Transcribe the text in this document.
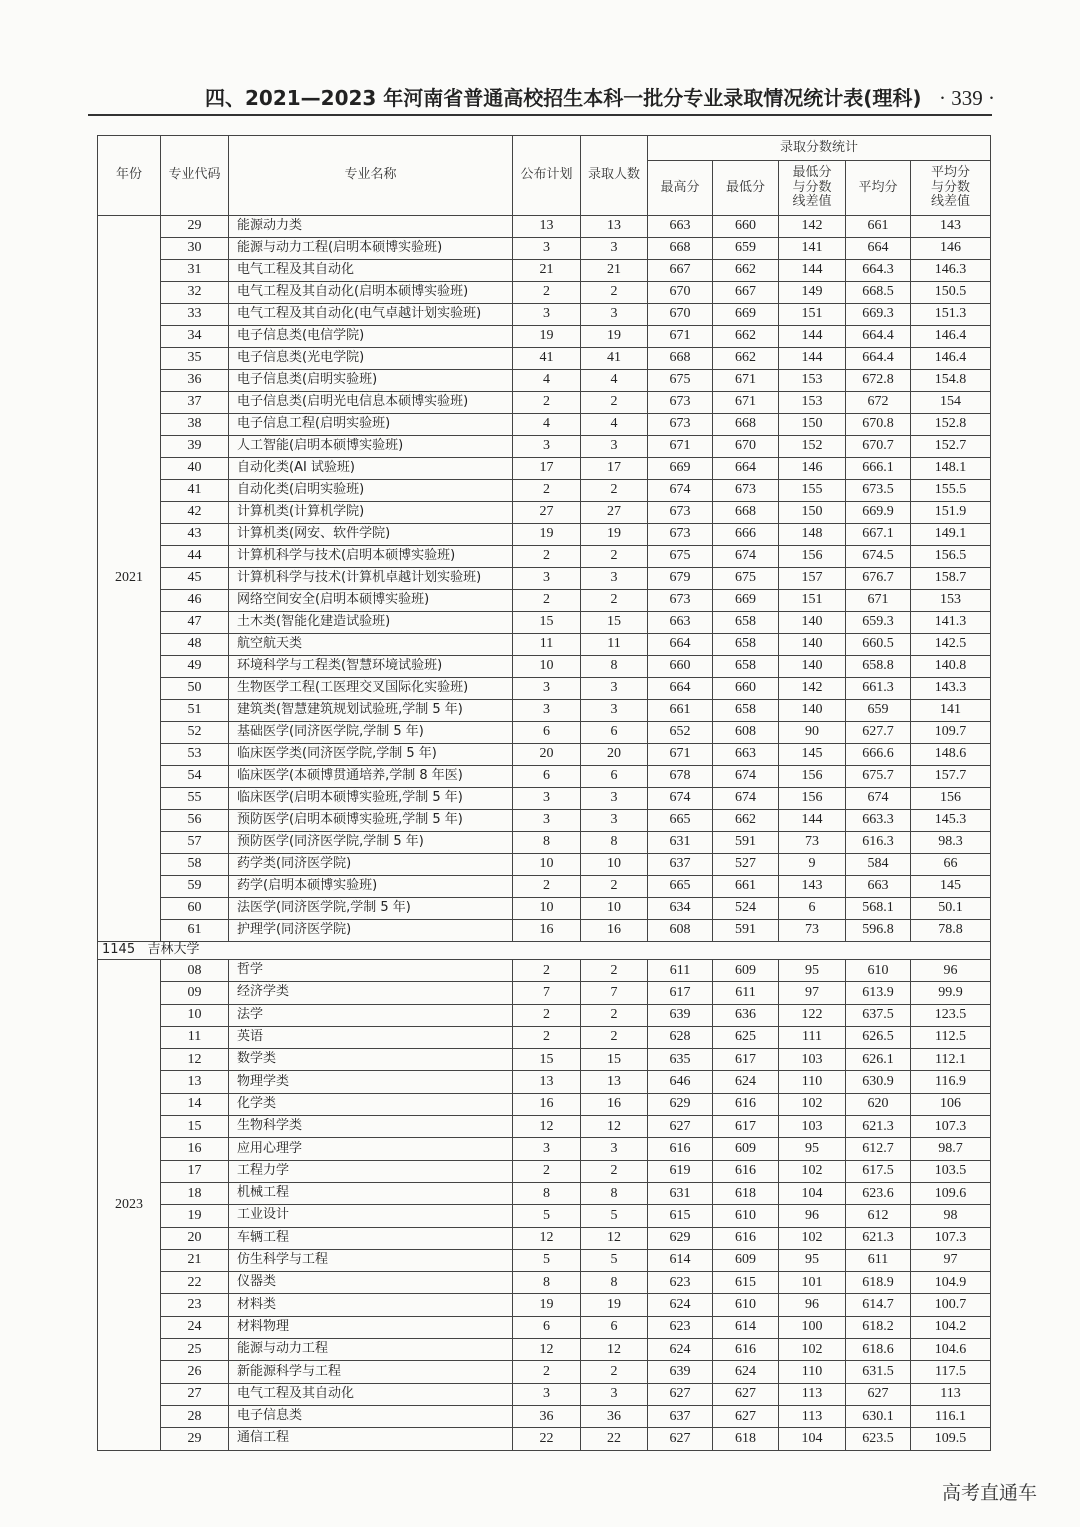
四、2021—2023 年河南省普通高校招生本科一批分专业录取情况统计表(理科) · 339 ·
年份	专业代码	专业名称	公布计划	录取人数	录取分数统计				
					最高分	最低分	最低分与分数线差值	平均分	平均分与分数线差值
2021	29	能源动力类	13	13	663	660	142	661	143
	30	能源与动力工程(启明本硕博实验班)	3	3	668	659	141	664	146
	31	电气工程及其自动化	21	21	667	662	144	664.3	146.3
	32	电气工程及其自动化(启明本硕博实验班)	2	2	670	667	149	668.5	150.5
	33	电气工程及其自动化(电气卓越计划实验班)	3	3	670	669	151	669.3	151.3
	34	电子信息类(电信学院)	19	19	671	662	144	664.4	146.4
	35	电子信息类(光电学院)	41	41	668	662	144	664.4	146.4
	36	电子信息类(启明实验班)	4	4	675	671	153	672.8	154.8
	37	电子信息类(启明光电信息本硕博实验班)	2	2	673	671	153	672	154
	38	电子信息工程(启明实验班)	4	4	673	668	150	670.8	152.8
	39	人工智能(启明本硕博实验班)	3	3	671	670	152	670.7	152.7
	40	自动化类(AI 试验班)	17	17	669	664	146	666.1	148.1
	41	自动化类(启明实验班)	2	2	674	673	155	673.5	155.5
	42	计算机类(计算机学院)	27	27	673	668	150	669.9	151.9
	43	计算机类(网安、软件学院)	19	19	673	666	148	667.1	149.1
	44	计算机科学与技术(启明本硕博实验班)	2	2	675	674	156	674.5	156.5
	45	计算机科学与技术(计算机卓越计划实验班)	3	3	679	675	157	676.7	158.7
	46	网络空间安全(启明本硕博实验班)	2	2	673	669	151	671	153
	47	土木类(智能化建造试验班)	15	15	663	658	140	659.3	141.3
	48	航空航天类	11	11	664	658	140	660.5	142.5
	49	环境科学与工程类(智慧环境试验班)	10	8	660	658	140	658.8	140.8
	50	生物医学工程(工医理交叉国际化实验班)	3	3	664	660	142	661.3	143.3
	51	建筑类(智慧建筑规划试验班,学制 5 年)	3	3	661	658	140	659	141
	52	基础医学(同济医学院,学制 5 年)	6	6	652	608	90	627.7	109.7
	53	临床医学类(同济医学院,学制 5 年)	20	20	671	663	145	666.6	148.6
	54	临床医学(本硕博贯通培养,学制 8 年医)	6	6	678	674	156	675.7	157.7
	55	临床医学(启明本硕博实验班,学制 5 年)	3	3	674	674	156	674	156
	56	预防医学(启明本硕博实验班,学制 5 年)	3	3	665	662	144	663.3	145.3
	57	预防医学(同济医学院,学制 5 年)	8	8	631	591	73	616.3	98.3
	58	药学类(同济医学院)	10	10	637	527	9	584	66
	59	药学(启明本硕博实验班)	2	2	665	661	143	663	145
	60	法医学(同济医学院,学制 5 年)	10	10	634	524	6	568.1	50.1
	61	护理学(同济医学院)	16	16	608	591	73	596.8	78.8
1145 吉林大学									
2023	08	哲学	2	2	611	609	95	610	96
	09	经济学类	7	7	617	611	97	613.9	99.9
	10	法学	2	2	639	636	122	637.5	123.5
	11	英语	2	2	628	625	111	626.5	112.5
	12	数学类	15	15	635	617	103	626.1	112.1
	13	物理学类	13	13	646	624	110	630.9	116.9
	14	化学类	16	16	629	616	102	620	106
	15	生物科学类	12	12	627	617	103	621.3	107.3
	16	应用心理学	3	3	616	609	95	612.7	98.7
	17	工程力学	2	2	619	616	102	617.5	103.5
	18	机械工程	8	8	631	618	104	623.6	109.6
	19	工业设计	5	5	615	610	96	612	98
	20	车辆工程	12	12	629	616	102	621.3	107.3
	21	仿生科学与工程	5	5	614	609	95	611	97
	22	仪器类	8	8	623	615	101	618.9	104.9
	23	材料类	19	19	624	610	96	614.7	100.7
	24	材料物理	6	6	623	614	100	618.2	104.2
	25	能源与动力工程	12	12	624	616	102	618.6	104.6
	26	新能源科学与工程	2	2	639	624	110	631.5	117.5
	27	电气工程及其自动化	3	3	627	627	113	627	113
	28	电子信息类	36	36	637	627	113	630.1	116.1
	29	通信工程	22	22	627	618	104	623.5	109.5
高考直通车
